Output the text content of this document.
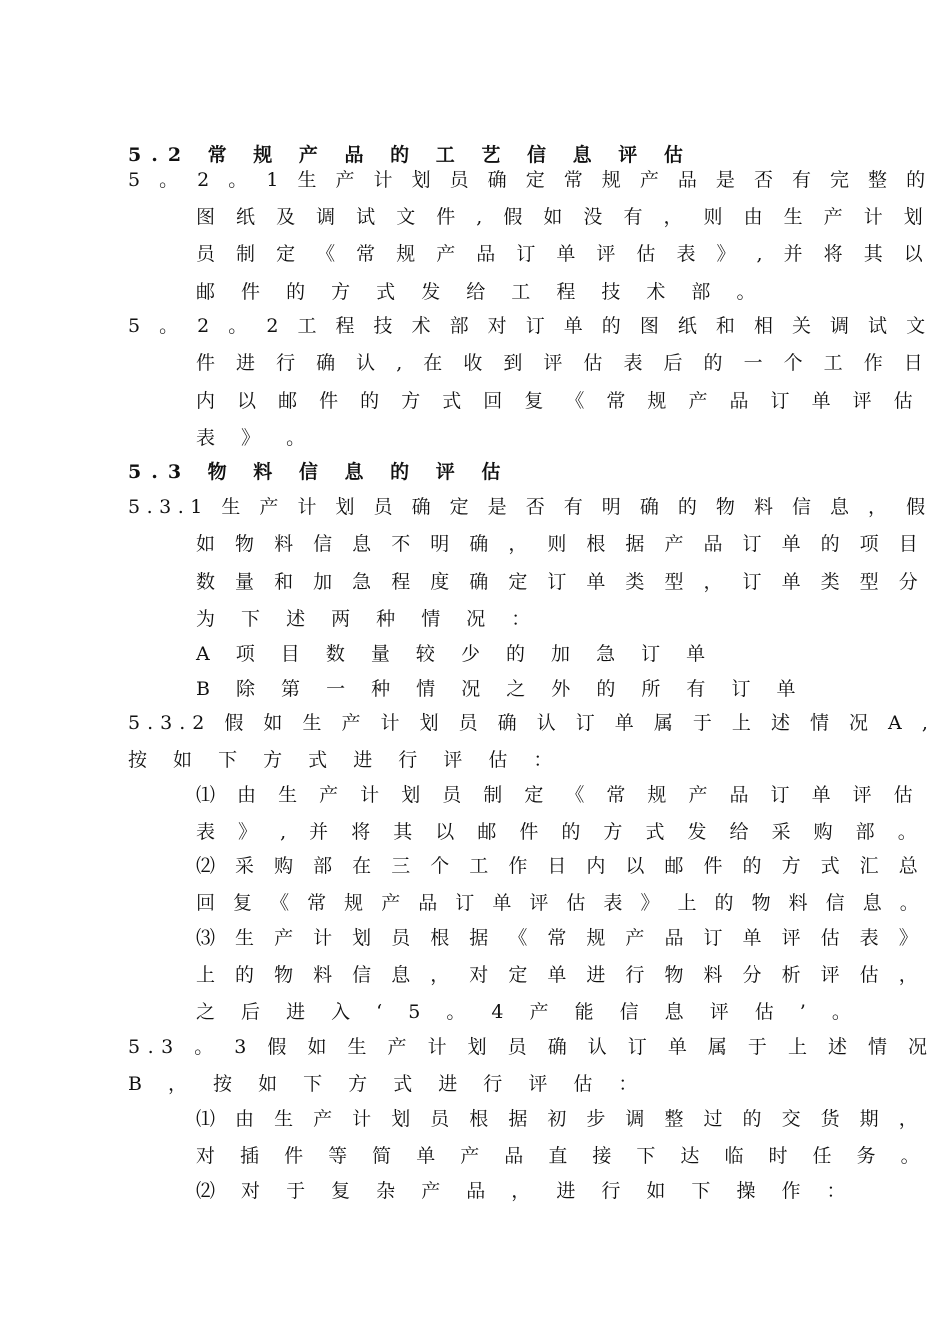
5.2 常 规 产 品 的 工 艺 信 息 评 估
5 。 2 。 1 生 产 计 划 员 确 定 常 规 产 品 是 否 有 完 整 的
图 纸 及 调 试 文 件 , 假 如 没 有 ， 则 由 生 产 计 划
员 制 定 《 常 规 产 品 订 单 评 估 表 》 , 并 将 其 以
邮 件 的 方 式 发 给 工 程 技 术 部 。
5 。 2 。 2 工 程 技 术 部 对 订 单 的 图 纸 和 相 关 调 试 文
件 进 行 确 认 , 在 收 到 评 估 表 后 的 一 个 工 作 日
内 以 邮 件 的 方 式 回 复 《 常 规 产 品 订 单 评 估
表 》 。
5.3 物 料 信 息 的 评 估
5.3.1 生 产 计 划 员 确 定 是 否 有 明 确 的 物 料 信 息 ， 假
如 物 料 信 息 不 明 确 ， 则 根 据 产 品 订 单 的 项 目
数 量 和 加 急 程 度 确 定 订 单 类 型 ， 订 单 类 型 分
为 下 述 两 种 情 况 ：
A 项 目 数 量 较 少 的 加 急 订 单
B 除 第 一 种 情 况 之 外 的 所 有 订 单
5.3.2 假 如 生 产 计 划 员 确 认 订 单 属 于 上 述 情 况 A ,
按 如 下 方 式 进 行 评 估 ：
⑴ 由 生 产 计 划 员 制 定 《 常 规 产 品 订 单 评 估
表 》 , 并 将 其 以 邮 件 的 方 式 发 给 采 购 部 。
⑵ 采 购 部 在 三 个 工 作 日 内 以 邮 件 的 方 式 汇 总
回 复 《 常 规 产 品 订 单 评 估 表 》 上 的 物 料 信 息 。
⑶ 生 产 计 划 员 根 据 《 常 规 产 品 订 单 评 估 表 》
上 的 物 料 信 息 ， 对 定 单 进 行 物 料 分 析 评 估 ，
之 后 进 入 ‘ 5 。 4 产 能 信 息 评 估 ’ 。
5.3 。 3 假 如 生 产 计 划 员 确 认 订 单 属 于 上 述 情 况
B ， 按 如 下 方 式 进 行 评 估 ：
⑴ 由 生 产 计 划 员 根 据 初 步 调 整 过 的 交 货 期 ，
对 插 件 等 简 单 产 品 直 接 下 达 临 时 任 务 。
⑵ 对 于 复 杂 产 品 ， 进 行 如 下 操 作 ：
